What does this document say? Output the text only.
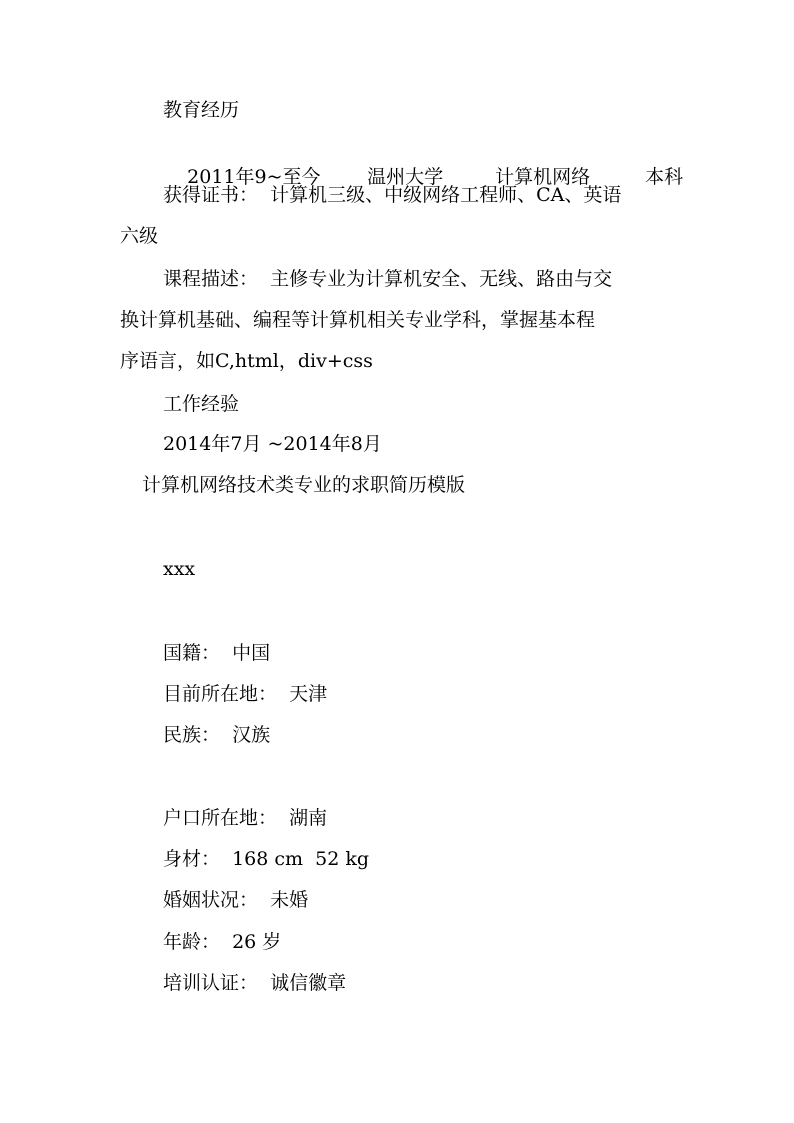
教育经历

2011年9~至今 温州大学	计算机网络	本科

获得证书：  计算机三级、中级网络工程师、CA、英语
六级
课程描述：  主修专业为计算机安全、无线、路由与交
换计算机基础、编程等计算机相关专业学科，掌握基本程
序语言，如C,html，div+css
工作经验
2014年7月 ~2014年8月
计算机网络技术类专业的求职简历模版
xxx
国籍：  中国
目前所在地：  天津
民族：  汉族
户口所在地：  湖南
身材：  168 cm  52 kg
婚姻状况：  未婚
年龄：  26 岁
培训认证：  诚信徽章
